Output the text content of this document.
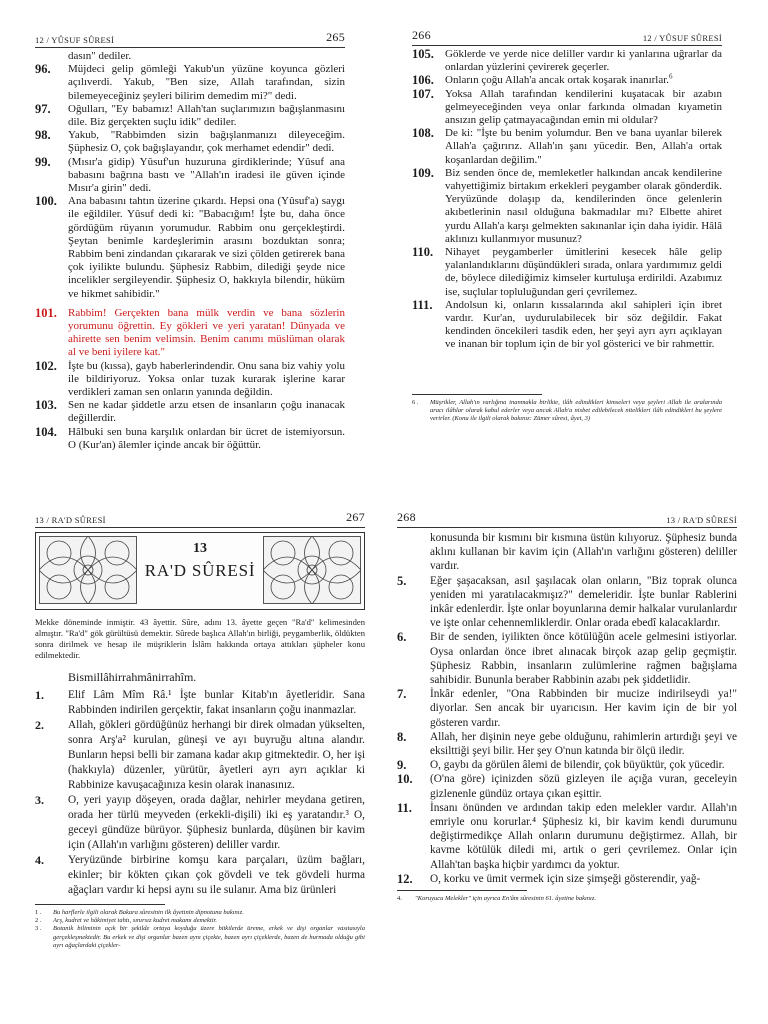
12 / YÛSUF SÛRESİ	265
dasın" dediler.
96. Müjdeci gelip gömleği Yakub'un yüzüne koyunca gözleri açılıverdi. Yakub, "Ben size, Allah tarafından, sizin bilemeyeceğiniz şeyleri bilirim demedim mi?" dedi.
97. Oğulları, "Ey babamız! Allah'tan suçlarımızın bağışlanmasını dile. Biz gerçekten suçlu idik" dediler.
98. Yakub, "Rabbimden sizin bağışlanmanızı dileyeceğim. Şüphesiz O, çok bağışlayandır, çok merhamet edendir" dedi.
99. (Mısır'a gidip) Yûsuf'un huzuruna girdiklerinde; Yûsuf ana babasını bağrına bastı ve "Allah'ın iradesi ile güven içinde Mısır'a girin" dedi.
100. Ana babasını tahtın üzerine çıkardı. Hepsi ona (Yûsuf'a) saygı ile eğildiler. Yûsuf dedi ki: "Babacığım! İşte bu, daha önce gördüğüm rüyanın yorumudur. Rabbim onu gerçekleştirdi. Şeytan benimle kardeşlerimin arasını bozduktan sonra; Rabbim beni zindandan çıkararak ve sizi çölden getirerek bana çok iyilikte bulundu. Şüphesiz Rabbim, dilediği şeyde nice incelikler sergileyendir. Şüphesiz O, hakkıyla bilendir, hüküm ve hikmet sahibidir."
101. Rabbim! Gerçekten bana mülk verdin ve bana sözlerin yorumunu öğrettin. Ey gökleri ve yeri yaratan! Dünyada ve ahirette sen benim velimsin. Benim canımı müslüman olarak al ve beni iyilere kat."
102. İşte bu (kıssa), gayb haberlerindendir. Onu sana biz vahiy yolu ile bildiriyoruz. Yoksa onlar tuzak kurarak işlerine karar verdikleri zaman sen onların yanında değildin.
103. Sen ne kadar şiddetle arzu etsen de insanların çoğu inanacak değillerdir.
104. Hâlbuki sen buna karşılık onlardan bir ücret de istemiyorsun. O (Kur'an) âlemler içinde ancak bir öğüttür.
266	12 / YÛSUF SÛRESİ
105. Göklerde ve yerde nice deliller vardır ki yanlarına uğrarlar da onlardan yüzlerini çevirerek geçerler.
106. Onların çoğu Allah'a ancak ortak koşarak inanırlar.$^6$
107. Yoksa Allah tarafından kendilerini kuşatacak bir azabın gelmeyeceğinden veya onlar farkında olmadan kıyametin ansızın gelip çatmayacağından emin mi oldular?
108. De ki: "İşte bu benim yolumdur. Ben ve bana uyanlar bilerek Allah'a çağırırız. Allah'ın şanı yücedir. Ben, Allah'a ortak koşanlardan değilim."
109. Biz senden önce de, memleketler halkından ancak kendilerine vahyettiğimiz birtakım erkekleri peygamber olarak gönderdik. Yeryüzünde dolaşıp da, kendilerinden önce gelenlerin akıbetlerinin nasıl olduğuna bakmadılar mı? Elbette ahiret yurdu Allah'a karşı gelmekten sakınanlar için daha iyidir. Hâlâ aklınızı kullanmıyor musunuz?
110. Nihayet peygamberler ümitlerini kesecek hâle gelip yalanlandıklarını düşündükleri sırada, onlara yardımımız geldi de, böylece dilediğimiz kimseler kurtuluşa erdirildi. Azabımız ise, suçlular topluluğundan geri çevrilemez.
111. Andolsun ki, onların kıssalarında akıl sahipleri için ibret vardır. Kur'an, uydurulabilecek bir söz değildir. Fakat kendinden öncekileri tasdik eden, her şeyi ayrı ayrı açıklayan ve inanan bir toplum için de bir yol gösterici ve bir rahmettir.
6 . Müşrikler, Allah'ın varlığına inanmakla birlikte, ilâh edindikleri kimseleri veya şeyleri Allah ile aralarında aracı ilâhlar olarak kabul ederler veya ancak Allah'a nisbet edilebilecek nitelikleri ilâh edindikleri bu şeylere verirler. (Konu ile ilgili olarak bakınız: Zümer sûresi, âyet, 3)
13 / RA'D SÛRESİ	267
13
RA'D SÛRESİ
Mekke döneminde inmiştir. 43 âyettir. Sûre, adını 13. âyette geçen "Ra'd" kelimesinden almıştır. "Ra'd" gök gürültüsü demektir. Sûrede başlıca Allah'ın birliği, peygamberlik, öldükten sonra dirilmek ve hesap ile müşriklerin İslâm hakkında ortaya attıkları şüpheler konu edilmektedir.
Bismillâhirrahmânirrahîm.
1. Elif Lâm Mîm Râ.¹ İşte bunlar Kitab'ın âyetleridir. Sana Rabbinden indirilen gerçektir, fakat insanların çoğu inanmazlar.
2. Allah, gökleri gördüğünüz herhangi bir direk olmadan yükselten, sonra Arş'a² kurulan, güneşi ve ayı buyruğu altına alandır. Bunların hepsi belli bir zamana kadar akıp gitmektedir. O, her işi (hakkıyla) düzenler, yürütür, âyetleri ayrı ayrı açıklar ki Rabbinize kavuşacağınıza kesin olarak inanasınız.
3. O, yeri yayıp döşeyen, orada dağlar, nehirler meydana getiren, orada her türlü meyveden (erkekli-dişili) iki eş yaratandır.³ O, geceyi gündüze bürüyor. Şüphesiz bunlarda, düşünen bir kavim için (Allah'ın varlığını gösteren) deliller vardır.
4. Yeryüzünde birbirine komşu kara parçaları, üzüm bağları, ekinler; bir kökten çıkan çok gövdeli ve tek gövdeli hurma ağaçları vardır ki hepsi aynı su ile sulanır. Ama biz ürünleri
1 . Bu harflerle ilgili olarak Bakara sûresinin ilk âyetinin dipnotuna bakınız.
2 . Arş, kudret ve hâkimiyet tahtı, sınırsız kudret makamı demektir.
3 . Botanik biliminin açık bir şekilde ortaya koyduğu üzere bitkilerde üreme, erkek ve dişi organlar vasıtasıyla gerçekleşmektedir. Bu erkek ve dişi organlar bazen aynı çiçekte, bazen ayrı çiçeklerde, bazen de hurmada olduğu gibi ayrı ağaçlardaki çiçekler-
268	13 / RA'D SÛRESİ
konusunda bir kısmını bir kısmına üstün kılıyoruz. Şüphesiz bunda aklını kullanan bir kavim için (Allah'ın varlığını gösteren) deliller vardır.
5. Eğer şaşacaksan, asıl şaşılacak olan onların, "Biz toprak olunca yeniden mi yaratılacakmışız?" demeleridir. İşte bunlar Rablerini inkâr edenlerdir. İşte onlar boyunlarına demir halkalar vurulanlardır ve işte onlar cehennemliklerdir. Onlar orada ebedî kalacaklardır.
6. Bir de senden, iyilikten önce kötülüğün acele gelmesini istiyorlar. Oysa onlardan önce ibret alınacak birçok azap gelip geçmiştir. Şüphesiz Rabbin, insanların zulümlerine rağmen bağışlama sahibidir. Bununla beraber Rabbinin azabı pek şiddetlidir.
7. İnkâr edenler, "Ona Rabbinden bir mucize indirilseydi ya!" diyorlar. Sen ancak bir uyarıcısın. Her kavim için de bir yol gösteren vardır.
8. Allah, her dişinin neye gebe olduğunu, rahimlerin artırdığı şeyi ve eksilttiği şeyi bilir. Her şey O'nun katında bir ölçü iledir.
9. O, gaybı da görülen âlemi de bilendir, çok büyüktür, çok yücedir.
10. (O'na göre) içinizden sözü gizleyen ile açığa vuran, geceleyin gizlenenle gündüz ortaya çıkan eşittir.
11. İnsanı önünden ve ardından takip eden melekler vardır. Allah'ın emriyle onu korurlar.⁴ Şüphesiz ki, bir kavim kendi durumunu değiştirmedikçe Allah onların durumunu değiştirmez. Allah, bir kavme kötülük diledi mi, artık o geri çevrilemez. Onlar için Allah'tan başka hiçbir yardımcı da yoktur.
12. O, korku ve ümit vermek için size şimşeği gösterendir, yağ-
4. "Koruyucu Melekler" için ayrıca En'âm sûresinin 61. âyetine bakınız.
